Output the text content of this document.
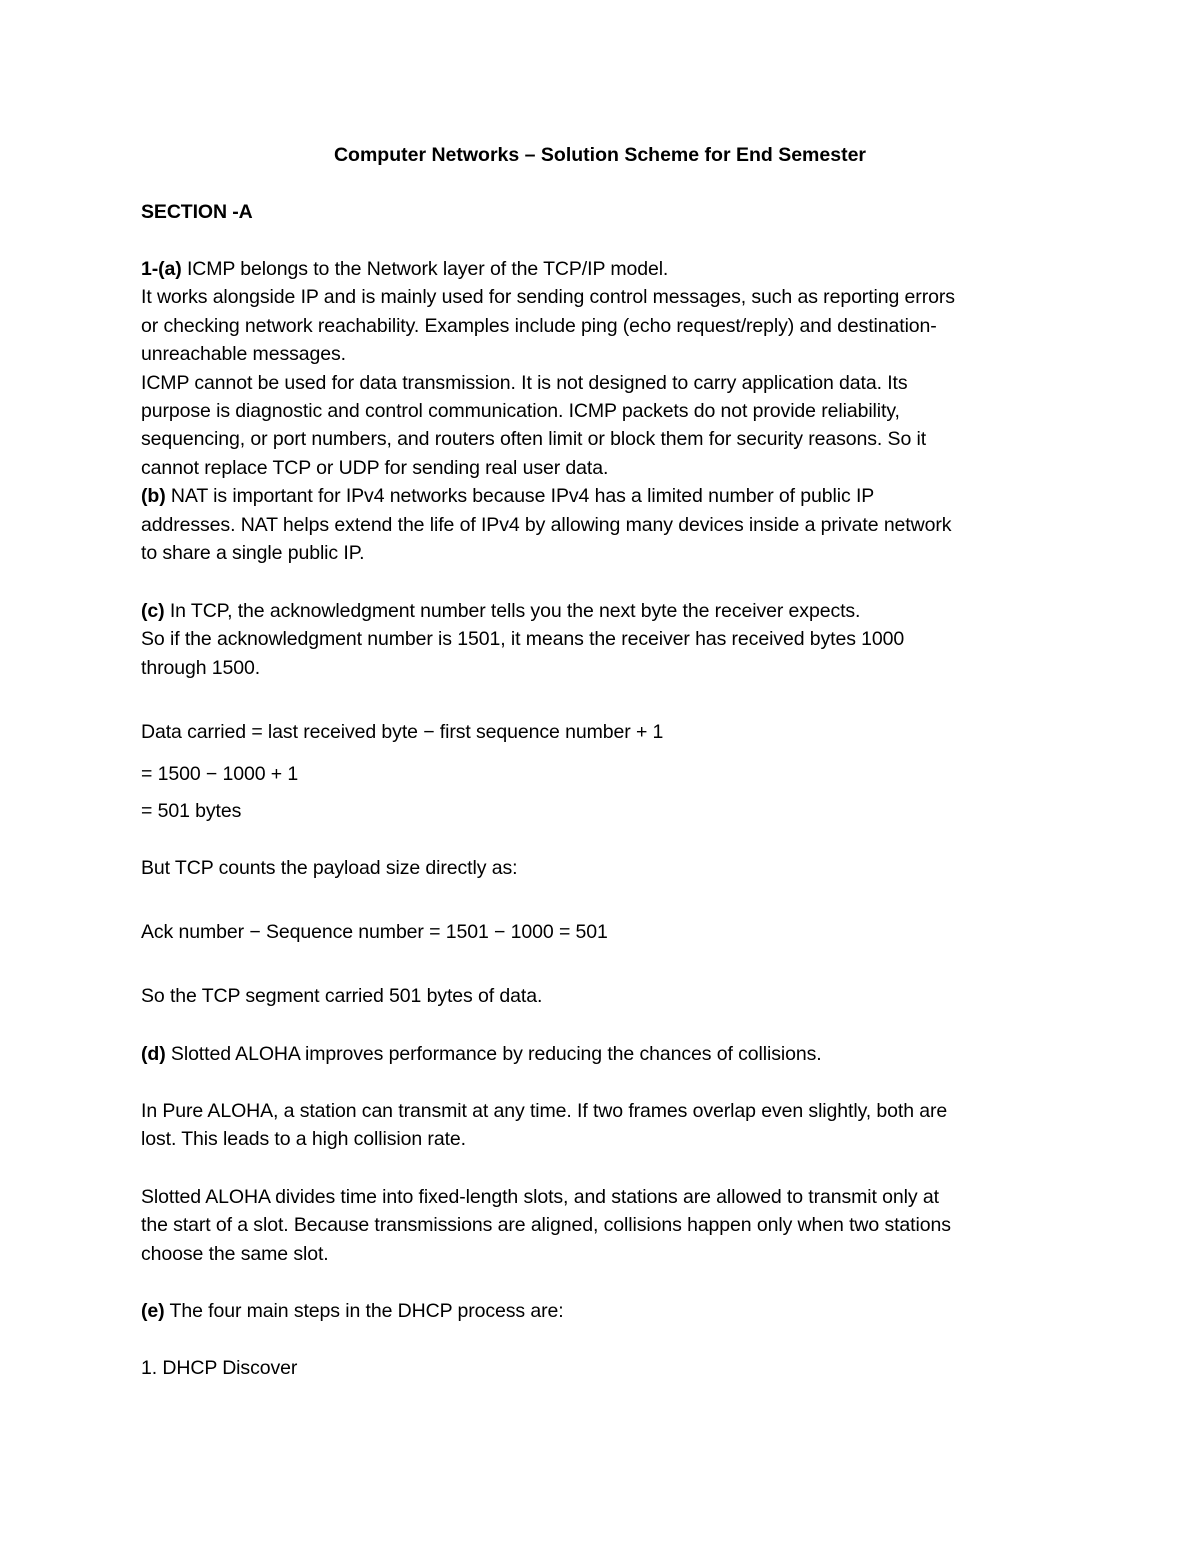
Computer Networks – Solution Scheme for End Semester

SECTION -A

1-(a) ICMP belongs to the Network layer of the TCP/IP model.

It works alongside IP and is mainly used for sending control messages, such as reporting errors

or checking network reachability. Examples include ping (echo request/reply) and destination-

unreachable messages.

ICMP cannot be used for data transmission. It is not designed to carry application data. Its

purpose is diagnostic and control communication. ICMP packets do not provide reliability,

sequencing, or port numbers, and routers often limit or block them for security reasons. So it

cannot replace TCP or UDP for sending real user data.

(b) NAT is important for IPv4 networks because IPv4 has a limited number of public IP

addresses. NAT helps extend the life of IPv4 by allowing many devices inside a private network

to share a single public IP.

(c) In TCP, the acknowledgment number tells you the next byte the receiver expects.

So if the acknowledgment number is 1501, it means the receiver has received bytes 1000

through 1500.

Data carried = last received byte − first sequence number + 1

= 1500 − 1000 + 1

= 501 bytes

But TCP counts the payload size directly as:

Ack number − Sequence number = 1501 − 1000 = 501

So the TCP segment carried 501 bytes of data.

(d) Slotted ALOHA improves performance by reducing the chances of collisions.

In Pure ALOHA, a station can transmit at any time. If two frames overlap even slightly, both are

lost. This leads to a high collision rate.

Slotted ALOHA divides time into fixed-length slots, and stations are allowed to transmit only at

the start of a slot. Because transmissions are aligned, collisions happen only when two stations

choose the same slot.

(e) The four main steps in the DHCP process are:

1. DHCP Discover
